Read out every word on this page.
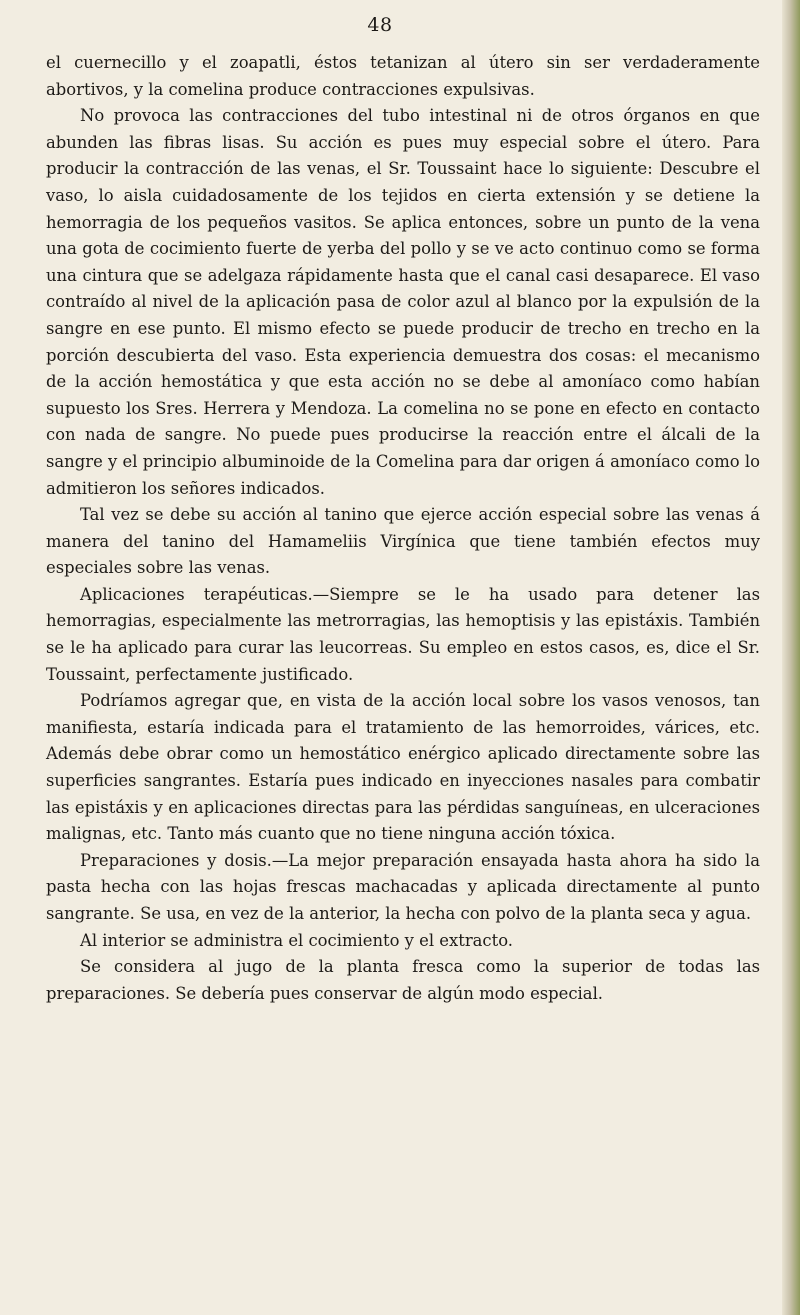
48

el cuernecillo y el zoapatli, éstos tetanizan al útero sin ser verdaderamente abortivos, y la comelina produce contracciones expulsivas.

No provoca las contracciones del tubo intestinal ni de otros órganos en que abunden las fibras lisas. Su acción es pues muy especial sobre el útero. Para producir la contracción de las venas, el Sr. Toussaint hace lo siguiente: Descubre el vaso, lo aisla cuidadosamente de los tejidos en cierta extensión y se detiene la hemorragia de los pequeños vasitos. Se aplica entonces, sobre un punto de la vena una gota de cocimiento fuerte de yerba del pollo y se ve acto continuo como se forma una cintura que se adelgaza rápidamente hasta que el canal casi desaparece. El vaso contraído al nivel de la aplicación pasa de color azul al blanco por la expulsión de la sangre en ese punto. El mismo efecto se puede producir de trecho en trecho en la porción descubierta del vaso. Esta experiencia demuestra dos cosas: el mecanismo de la acción hemostática y que esta acción no se debe al amoníaco como habían supuesto los Sres. Herrera y Mendoza. La comelina no se pone en efecto en contacto con nada de sangre. No puede pues producirse la reacción entre el álcali de la sangre y el principio albuminoide de la Comelina para dar origen á amoníaco como lo admitieron los señores indicados.

Tal vez se debe su acción al tanino que ejerce acción especial sobre las venas á manera del tanino del Hamameliis Virgínica que tiene también efectos muy especiales sobre las venas.

Aplicaciones terapéuticas.—Siempre se le ha usado para detener las hemorragias, especialmente las metrorragias, las hemoptisis y las epistáxis. También se le ha aplicado para curar las leucorreas. Su empleo en estos casos, es, dice el Sr. Toussaint, perfectamente justificado.

Podríamos agregar que, en vista de la acción local sobre los vasos venosos, tan manifiesta, estaría indicada para el tratamiento de las hemorroides, várices, etc. Además debe obrar como un hemostático enérgico aplicado directamente sobre las superficies sangrantes. Estaría pues indicado en inyecciones nasales para combatir las epistáxis y en aplicaciones directas para las pérdidas sanguíneas, en ulceraciones malignas, etc. Tanto más cuanto que no tiene ninguna acción tóxica.

Preparaciones y dosis.—La mejor preparación ensayada hasta ahora ha sido la pasta hecha con las hojas frescas machacadas y aplicada directamente al punto sangrante. Se usa, en vez de la anterior, la hecha con polvo de la planta seca y agua.

Al interior se administra el cocimiento y el extracto.

Se considera al jugo de la planta fresca como la superior de todas las preparaciones. Se debería pues conservar de algún modo especial.
